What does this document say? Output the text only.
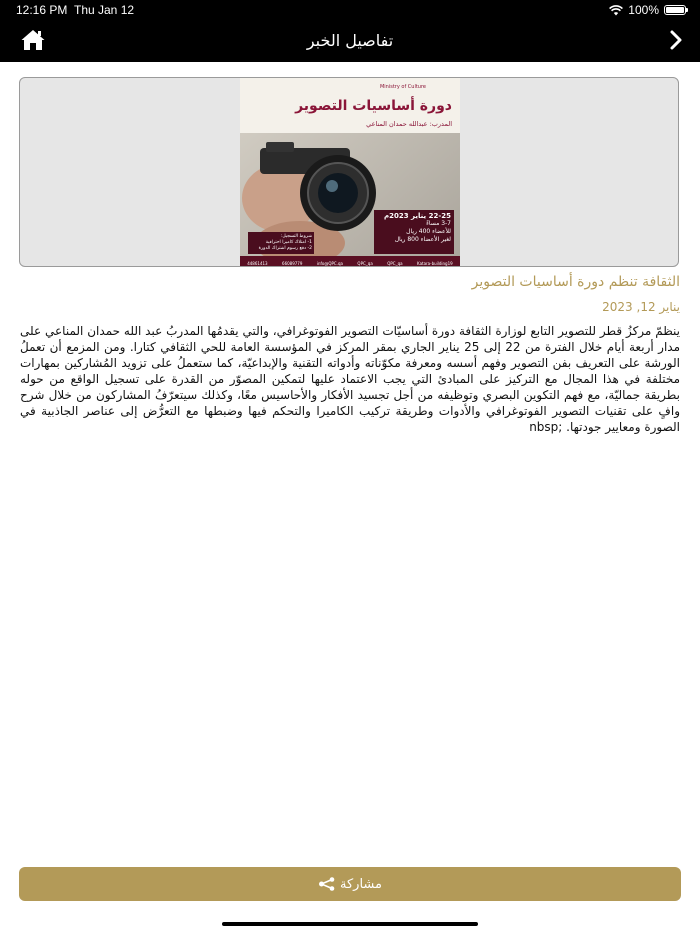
12:16 PM Thu Jan 12	100%
تفاصيل الخبر
Ministry of Culture
دورة أساسيات التصوير
المدرب: عبدالله حمدان المناعي
22-25 يناير 2023م
3-7 مساءً
للأعضاء 400 ريال
لغير الأعضاء 800 ريال
شروط التسجيل:
1- امتلاك كاميرا احترافية
2- دفع رسوم اشتراك الدورة
44861413	66089779	info@QPC.qa	QPC_qa	QPC_qa	Katara-building19
الثقافة تنظم دورة أساسيات التصوير
يناير 12, 2023

ينظمّ مركزُ قطر للتصوير التابع لوزارة الثقافة دورة أساسيّات التصوير الفوتوغرافي، والتي يقدمُها المدربُ عبد الله حمدان المناعي على مدار أربعة أيام خلال الفترة من 22 إلى 25 يناير الجاري بمقر المركز في المؤسسة العامة للحي الثقافي كتارا. ومن المزمع أن تعملُ الورشة على التعريف بفن التصوير وفهم أسسه ومعرفة مكوّناته وأدواته التقنية والإبداعيّة، كما ستعملُ على تزويد المُشاركين بمهارات مختلفة في هذا المجال مع التركيز على المبادئ التي يجب الاعتماد عليها لتمكين المصوّر من القدرة على تسجيل الواقع من حوله بطريقة جماليّة، مع فهم التكوين البصري وتوظيفه من أجل تجسيد الأفكار والأحاسيس معًا، وكذلك سيتعرّفُ المشاركون من خلال شرح وافٍ على تقنيات التصوير الفوتوغرافي والأدوات وطريقة تركيب الكاميرا والتحكم فيها وضبطها مع التعرُّض إلى عناصر الجاذبية في الصورة ومعايير جودتها. ;nbsp

مشاركة
